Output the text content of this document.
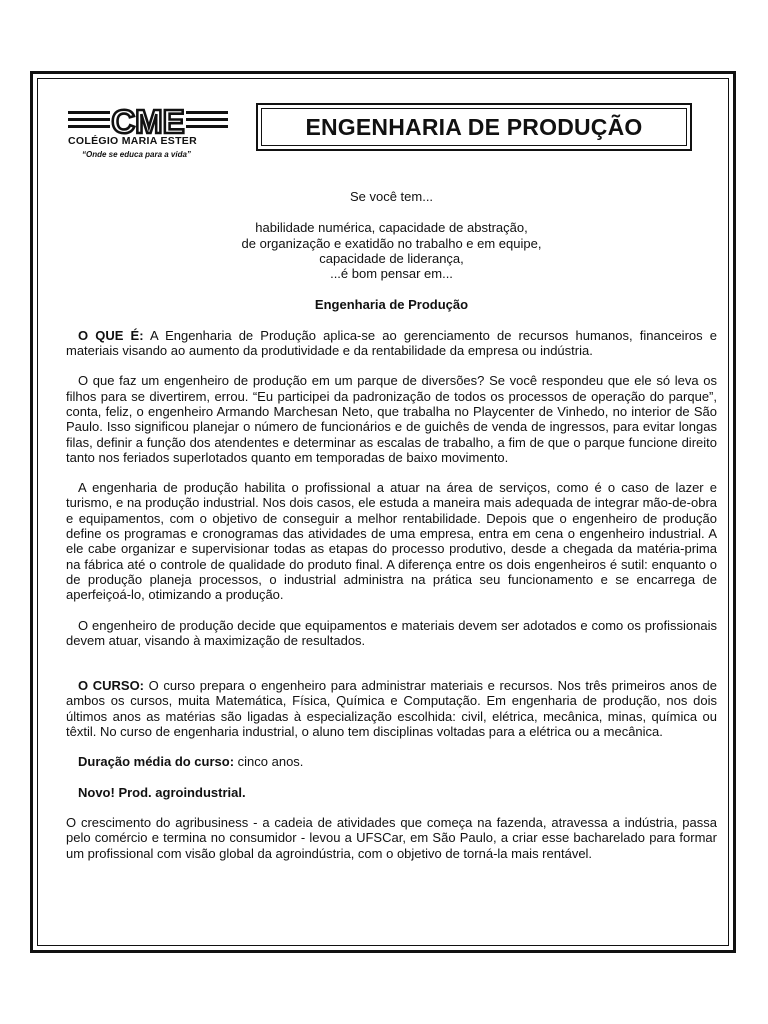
CME
COLÉGIO MARIA ESTER
“Onde se educa para a vida”
ENGENHARIA DE PRODUÇÃO

Se você tem...

habilidade numérica, capacidade de abstração,

de organização e exatidão no trabalho e em equipe,

capacidade de liderança,

...é bom pensar em...

Engenharia de Produção

O QUE É: A Engenharia de Produção aplica-se ao gerenciamento de recursos humanos, financeiros e materiais visando ao aumento da produtividade e da rentabilidade da empresa ou indústria.

O que faz um engenheiro de produção em um parque de diversões? Se você respondeu que ele só leva os filhos para se divertirem, errou. “Eu participei da padronização de todos os processos de operação do parque”, conta, feliz, o engenheiro Armando Marchesan Neto, que trabalha no Playcenter de Vinhedo, no interior de São Paulo. Isso significou planejar o número de funcionários e de guichês de venda de ingressos, para evitar longas filas, definir a função dos atendentes e determinar as escalas de trabalho, a fim de que o parque funcione direito tanto nos feriados superlotados quanto em temporadas de baixo movimento.

A engenharia de produção habilita o profissional a atuar na área de serviços, como é o caso de lazer e turismo, e na produção industrial. Nos dois casos, ele estuda a maneira mais adequada de integrar mão-de-obra e equipamentos, com o objetivo de conseguir a melhor rentabilidade. Depois que o engenheiro de produção define os programas e cronogramas das atividades de uma empresa, entra em cena o engenheiro industrial. A ele cabe organizar e supervisionar todas as etapas do processo produtivo, desde a chegada da matéria-prima na fábrica até o controle de qualidade do produto final. A diferença entre os dois engenheiros é sutil: enquanto o de produção planeja processos, o industrial administra na prática seu funcionamento e se encarrega de aperfeiçoá-lo, otimizando a produção.

O engenheiro de produção decide que equipamentos e materiais devem ser adotados e como os profissionais devem atuar, visando à maximização de resultados.

O CURSO: O curso prepara o engenheiro para administrar materiais e recursos. Nos três primeiros anos de ambos os cursos, muita Matemática, Física, Química e Computação. Em engenharia de produção, nos dois últimos anos as matérias são ligadas à especialização escolhida: civil, elétrica, mecânica, minas, química ou têxtil. No curso de engenharia industrial, o aluno tem disciplinas voltadas para a elétrica ou a mecânica.

Duração média do curso: cinco anos.

Novo! Prod. agroindustrial.

O crescimento do agribusiness - a cadeia de atividades que começa na fazenda, atravessa a indústria, passa pelo comércio e termina no consumidor - levou a UFSCar, em São Paulo, a criar esse bacharelado para formar um profissional com visão global da agroindústria, com o objetivo de torná-la mais rentável.
